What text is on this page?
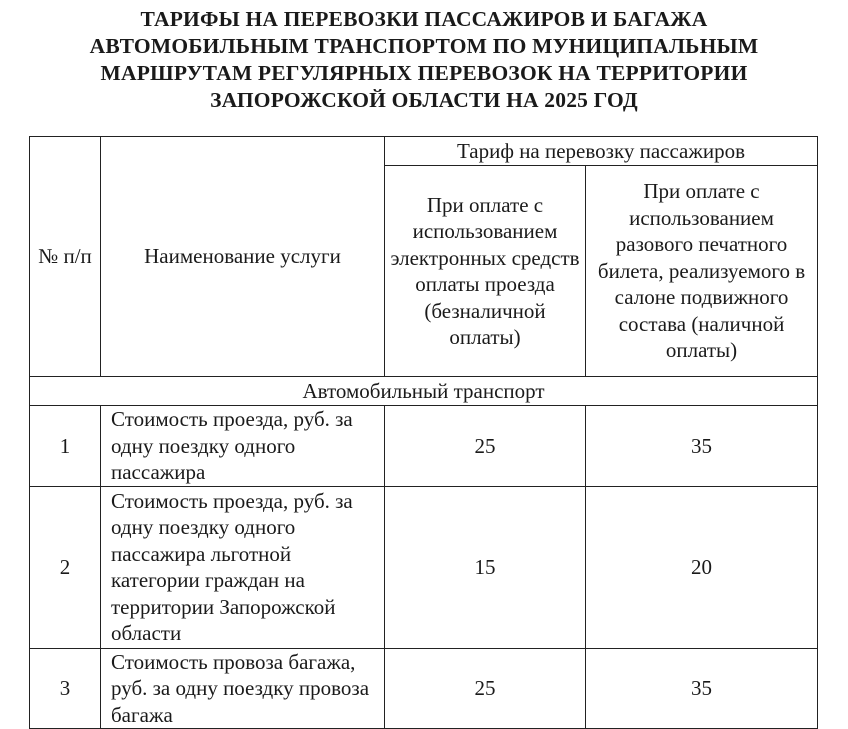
ТАРИФЫ НА ПЕРЕВОЗКИ ПАССАЖИРОВ И БАГАЖА
АВТОМОБИЛЬНЫМ ТРАНСПОРТОМ ПО МУНИЦИПАЛЬНЫМ
МАРШРУТАМ РЕГУЛЯРНЫХ ПЕРЕВОЗОК НА ТЕРРИТОРИИ
ЗАПОРОЖСКОЙ ОБЛАСТИ НА 2025 ГОД
№ п/п	Наименование услуги	Тариф на перевозку пассажиров	
		При оплате с использованием электронных средств оплаты проезда (безналичной оплаты)	При оплате с использованием разового печатного билета, реализуемого в салоне подвижного состава (наличной оплаты)
Автомобильный транспорт			
1	Стоимость проезда, руб. за одну поездку одного пассажира	25	35
2	Стоимость проезда, руб. за одну поездку одного пассажира льготной категории граждан на территории Запорожской области	15	20
3	Стоимость провоза багажа, руб. за одну поездку провоза багажа	25	35
